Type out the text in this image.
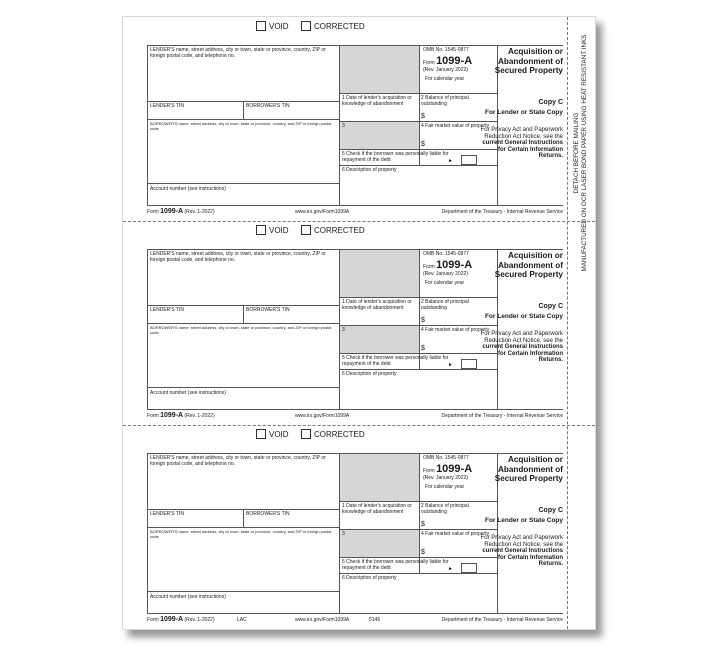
VOID	CORRECTED
LENDER'S name, street address, city or town, state or province, country, ZIP or foreign postal code, and telephone no.
OMB No. 1545-0877
Form 1099-A
(Rev. January 2022)
For calendar year
Acquisition or Abandonment of Secured Property
LENDER'S TIN	BORROWER'S TIN
BORROWER'S name, street address, city or town, state or province, country, and ZIP or foreign postal code
Account number (see instructions)
1 Date of lender's acquisition or knowledge of abandonment
2 Balance of principal outstanding
$
3	4 Fair market value of property
$
5 Check if the borrower was personally liable for repayment of the debt	►
6 Description of property
Copy C
For Lender or State Copy
For Privacy Act and Paperwork Reduction Act Notice, see the current General Instructions for Certain Information Returns.
Form 1099-A (Rev. 1-2022)	www.irs.gov/Form1099A	Department of the Treasury - Internal Revenue Service
VOID	CORRECTED
LENDER'S name, street address, city or town, state or province, country, ZIP or foreign postal code, and telephone no.
OMB No. 1545-0877
Form 1099-A
(Rev. January 2022)
For calendar year
Acquisition or Abandonment of Secured Property
LENDER'S TIN	BORROWER'S TIN
BORROWER'S name, street address, city or town, state or province, country, and ZIP or foreign postal code
Account number (see instructions)
1 Date of lender's acquisition or knowledge of abandonment
2 Balance of principal outstanding
$
3	4 Fair market value of property
$
5 Check if the borrower was personally liable for repayment of the debt	►
6 Description of property
Copy C
For Lender or State Copy
For Privacy Act and Paperwork Reduction Act Notice, see the current General Instructions for Certain Information Returns.
Form 1099-A (Rev. 1-2022)	www.irs.gov/Form1099A	Department of the Treasury - Internal Revenue Service
VOID	CORRECTED
LENDER'S name, street address, city or town, state or province, country, ZIP or foreign postal code, and telephone no.
OMB No. 1545-0877
Form 1099-A
(Rev. January 2022)
For calendar year
Acquisition or Abandonment of Secured Property
LENDER'S TIN	BORROWER'S TIN
BORROWER'S name, street address, city or town, state or province, country, and ZIP or foreign postal code
Account number (see instructions)
1 Date of lender's acquisition or knowledge of abandonment
2 Balance of principal outstanding
$
3	4 Fair market value of property
$
5 Check if the borrower was personally liable for repayment of the debt	►
6 Description of property
Copy C
For Lender or State Copy
For Privacy Act and Paperwork Reduction Act Notice, see the current General Instructions for Certain Information Returns.
Form 1099-A (Rev. 1-2022)	LAC	www.irs.gov/Form1099A	5146	Department of the Treasury - Internal Revenue Service
DETACH BEFORE MAILING MANUFACTURED ON OCR LASER BOND PAPER USING HEAT RESISTANT INKS
